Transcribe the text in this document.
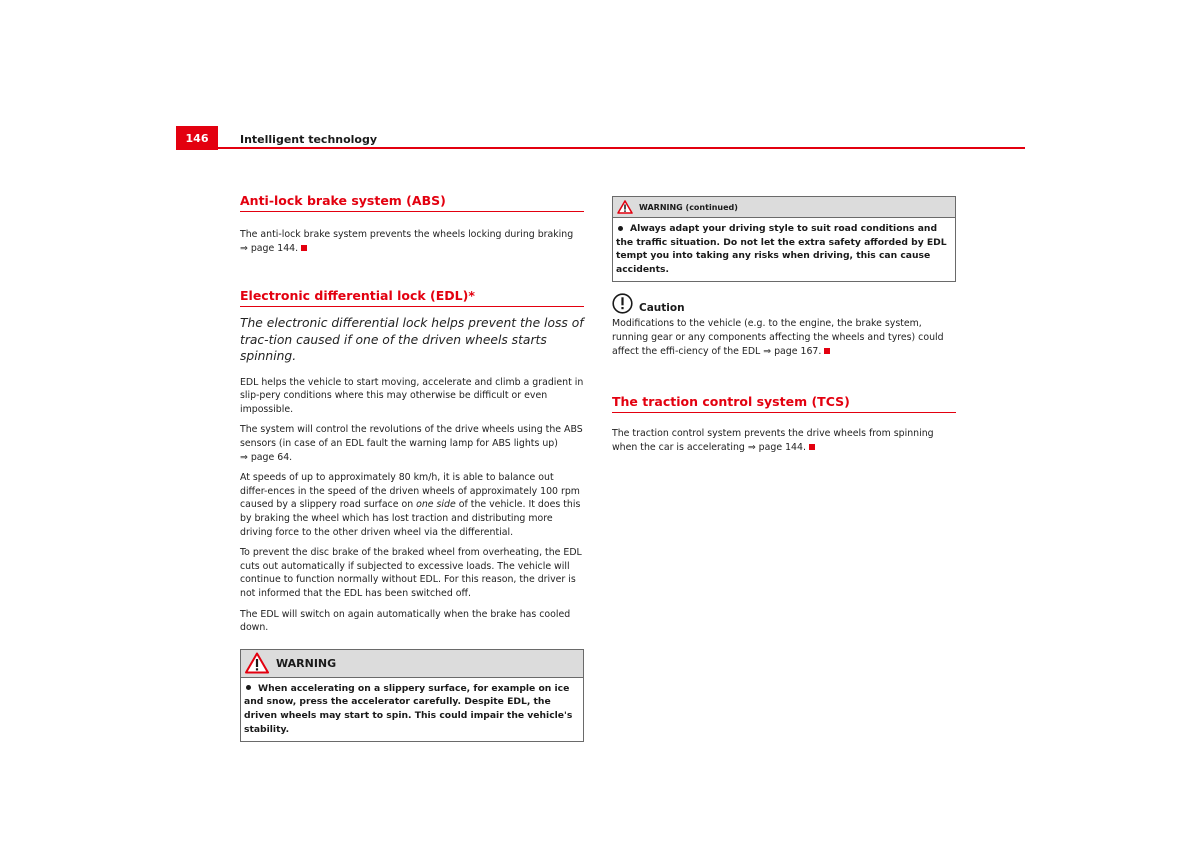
146	Intelligent technology
Anti-lock brake system (ABS)

The anti-lock brake system prevents the wheels locking during braking
⇒ page 144.

Electronic differential lock (EDL)*

The electronic differential lock helps prevent the loss of trac-tion caused if one of the driven wheels starts spinning.

EDL helps the vehicle to start moving, accelerate and climb a gradient in slip-pery conditions where this may otherwise be difficult or even impossible.

The system will control the revolutions of the drive wheels using the ABS sensors (in case of an EDL fault the warning lamp for ABS lights up)
⇒ page 64.

At speeds of up to approximately 80 km/h, it is able to balance out differ-ences in the speed of the driven wheels of approximately 100 rpm caused by a slippery road surface on one side of the vehicle. It does this by braking the wheel which has lost traction and distributing more driving force to the other driven wheel via the differential.

To prevent the disc brake of the braked wheel from overheating, the EDL cuts out automatically if subjected to excessive loads. The vehicle will continue to function normally without EDL. For this reason, the driver is not informed that the EDL has been switched off.

The EDL will switch on again automatically when the brake has cooled down.

WARNING
When accelerating on a slippery surface, for example on ice and snow, press the accelerator carefully. Despite EDL, the driven wheels may start to spin. This could impair the vehicle's stability.
WARNING (continued)
Always adapt your driving style to suit road conditions and the traffic situation. Do not let the extra safety afforded by EDL tempt you into taking any risks when driving, this can cause accidents.
Caution

Modifications to the vehicle (e.g. to the engine, the brake system, running gear or any components affecting the wheels and tyres) could affect the effi-ciency of the EDL ⇒ page 167.

The traction control system (TCS)

The traction control system prevents the drive wheels from spinning when the car is accelerating ⇒ page 144.
